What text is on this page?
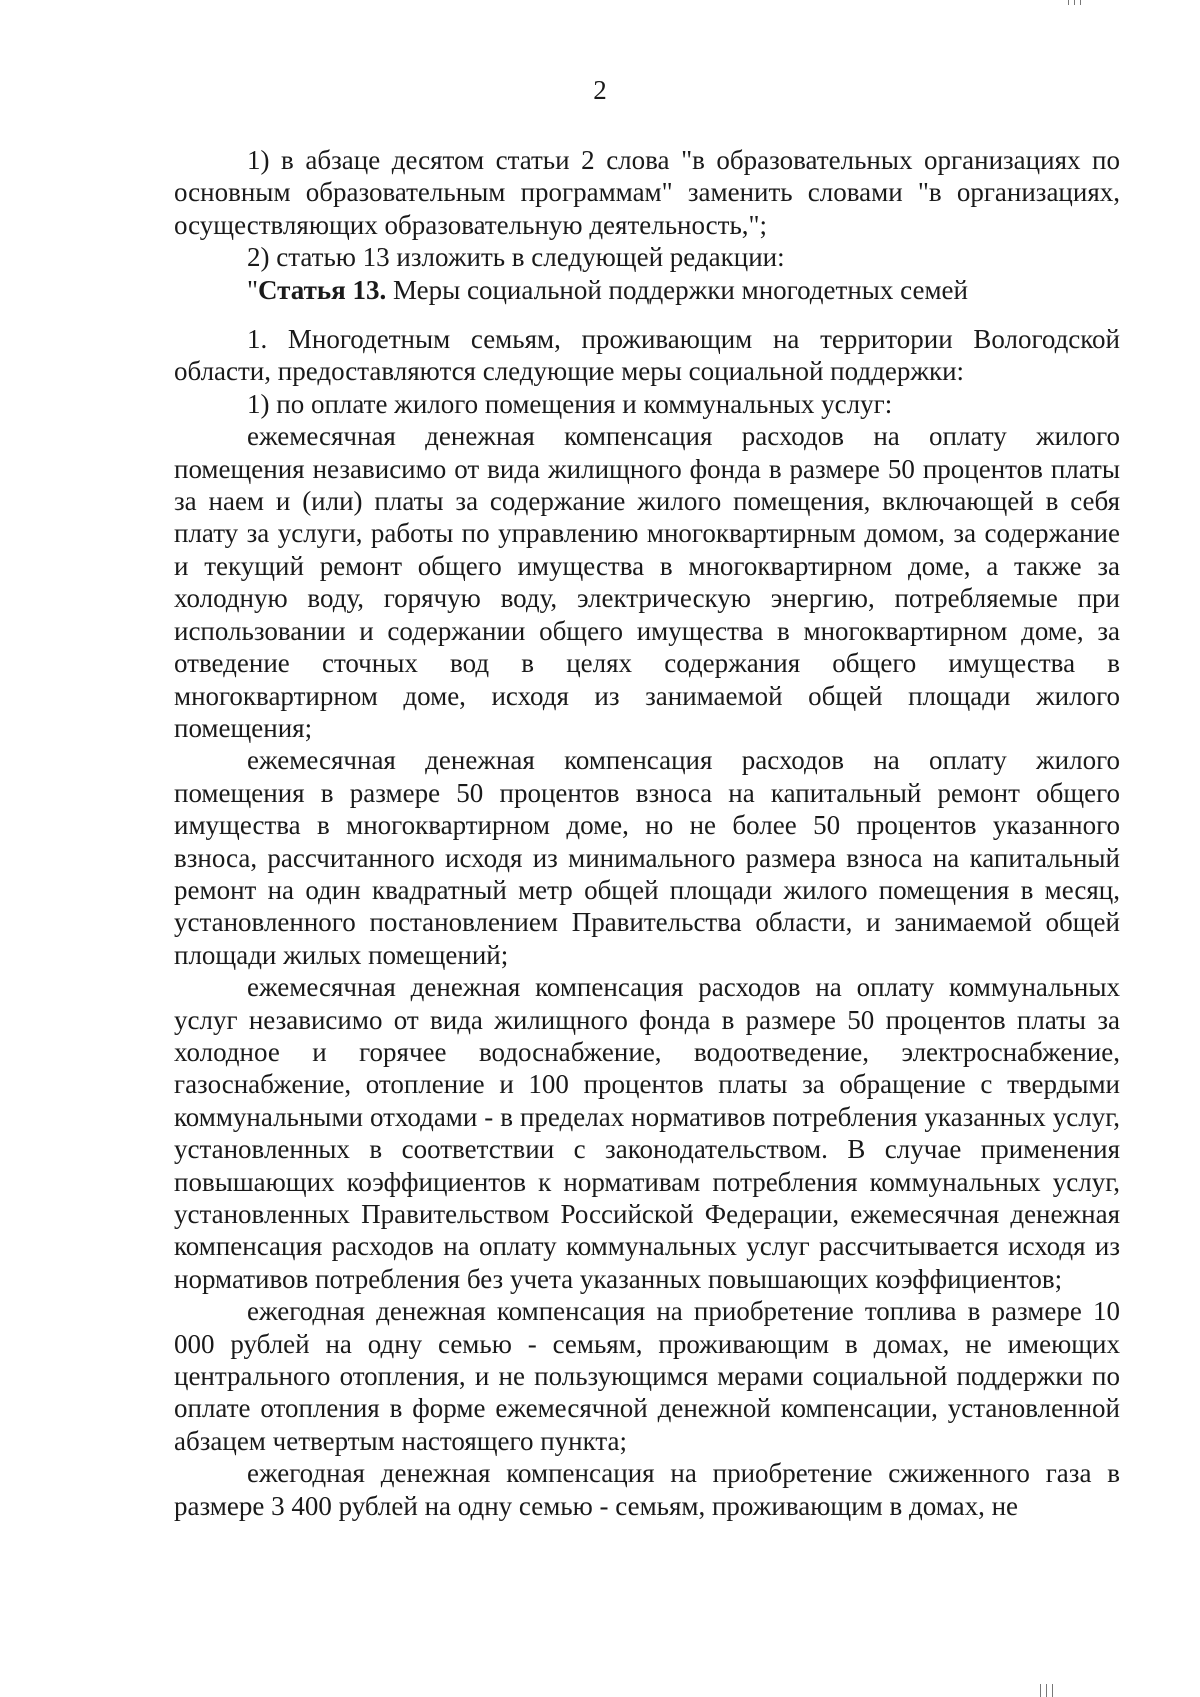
2

1) в абзаце десятом статьи 2 слова "в образовательных организациях по основным образовательным программам" заменить словами "в организациях, осуществляющих образовательную деятельность,";

2) статью 13 изложить в следующей редакции:

"Статья 13. Меры социальной поддержки многодетных семей

1. Многодетным семьям, проживающим на территории Вологодской области, предоставляются следующие меры социальной поддержки:

1) по оплате жилого помещения и коммунальных услуг:

ежемесячная денежная компенсация расходов на оплату жилого помещения независимо от вида жилищного фонда в размере 50 процентов платы за наем и (или) платы за содержание жилого помещения, включающей в себя плату за услуги, работы по управлению многоквартирным домом, за содержание и текущий ремонт общего имущества в многоквартирном доме, а также за холодную воду, горячую воду, электрическую энергию, потребляемые при использовании и содержании общего имущества в многоквартирном доме, за отведение сточных вод в целях содержания общего имущества в многоквартирном доме, исходя из занимаемой общей площади жилого помещения;

ежемесячная денежная компенсация расходов на оплату жилого помещения в размере 50 процентов взноса на капитальный ремонт общего имущества в многоквартирном доме, но не более 50 процентов указанного взноса, рассчитанного исходя из минимального размера взноса на капитальный ремонт на один квадратный метр общей площади жилого помещения в месяц, установленного постановлением Правительства области, и занимаемой общей площади жилых помещений;

ежемесячная денежная компенсация расходов на оплату коммунальных услуг независимо от вида жилищного фонда в размере 50 процентов платы за холодное и горячее водоснабжение, водоотведение, электроснабжение, газоснабжение, отопление и 100 процентов платы за обращение с твердыми коммунальными отходами - в пределах нормативов потребления указанных услуг, установленных в соответствии с законодательством. В случае применения повышающих коэффициентов к нормативам потребления коммунальных услуг, установленных Правительством Российской Федерации, ежемесячная денежная компенсация расходов на оплату коммунальных услуг рассчитывается исходя из нормативов потребления без учета указанных повышающих коэффициентов;

ежегодная денежная компенсация на приобретение топлива в размере 10 000 рублей на одну семью - семьям, проживающим в домах, не имеющих центрального отопления, и не пользующимся мерами социальной поддержки по оплате отопления в форме ежемесячной денежной компенсации, установленной абзацем четвертым настоящего пункта;

ежегодная денежная компенсация на приобретение сжиженного газа в размере 3 400 рублей на одну семью - семьям, проживающим в домах, не
